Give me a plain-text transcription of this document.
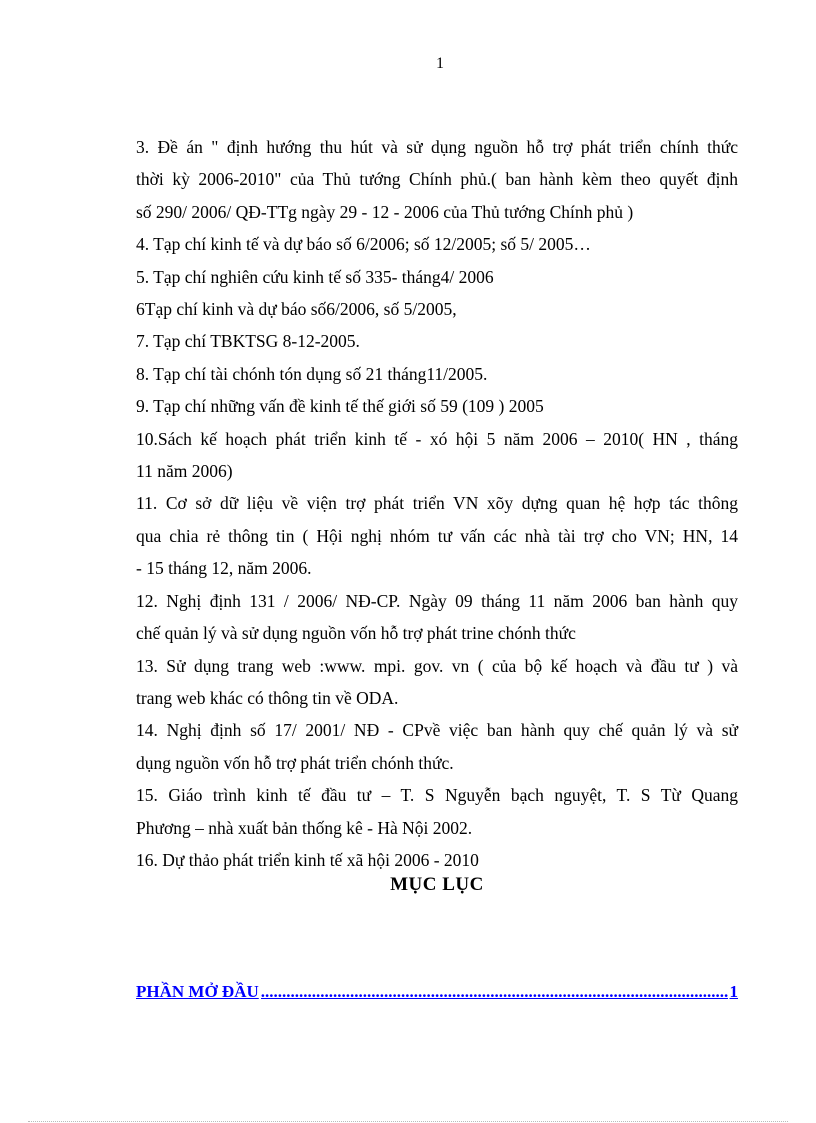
1

3. Đề án " định hướng thu hút và sử dụng nguồn hỗ trợ phát triển chính thức

thời kỳ 2006-2010" của Thủ tướng Chính phủ.( ban hành kèm theo quyết định

số 290/ 2006/ QĐ-TTg ngày 29 - 12 - 2006 của Thủ tướng Chính phủ )

4. Tạp chí kinh tế và dự báo số 6/2006; số 12/2005; số 5/ 2005…

5. Tạp chí nghiên cứu kinh tế số 335- tháng4/ 2006

6Tạp chí kinh và dự báo số6/2006, số 5/2005,

7. Tạp chí TBKTSG 8-12-2005.

8. Tạp chí tài chónh tón dụng số 21 tháng11/2005.

9. Tạp chí những vấn đề kinh tế thế giới số 59 (109 ) 2005

10.Sách kế hoạch phát triển kinh tế - xó hội 5 năm 2006 – 2010( HN , tháng

11 năm 2006)

11. Cơ sở dữ liệu về viện trợ phát triển VN xõy dựng quan hệ hợp tác thông

qua chia rẻ thông tin ( Hội nghị nhóm tư vấn các nhà tài trợ cho VN; HN, 14

- 15 tháng 12, năm 2006.

12. Nghị định 131 / 2006/ NĐ-CP. Ngày 09 tháng 11 năm 2006 ban hành quy

chế quản lý và sử dụng nguồn vốn hỗ trợ phát trine chónh thức

13. Sử dụng trang web :www. mpi. gov. vn ( của bộ kế hoạch và đầu tư ) và

trang web khác có thông tin về ODA.

14. Nghị định số 17/ 2001/ NĐ - CPvề việc ban hành quy chế quản lý và sử

dụng nguồn vốn hỗ trợ phát triển chónh thức.

15. Giáo trình kinh tế đầu tư – T. S Nguyễn bạch nguyệt, T. S Từ Quang

Phương – nhà xuất bản thống kê - Hà Nội 2002.

16. Dự thảo phát triển kinh tế xã hội 2006 - 2010

MỤC LỤC
PHẦN MỞ ĐẦU
.....	1
